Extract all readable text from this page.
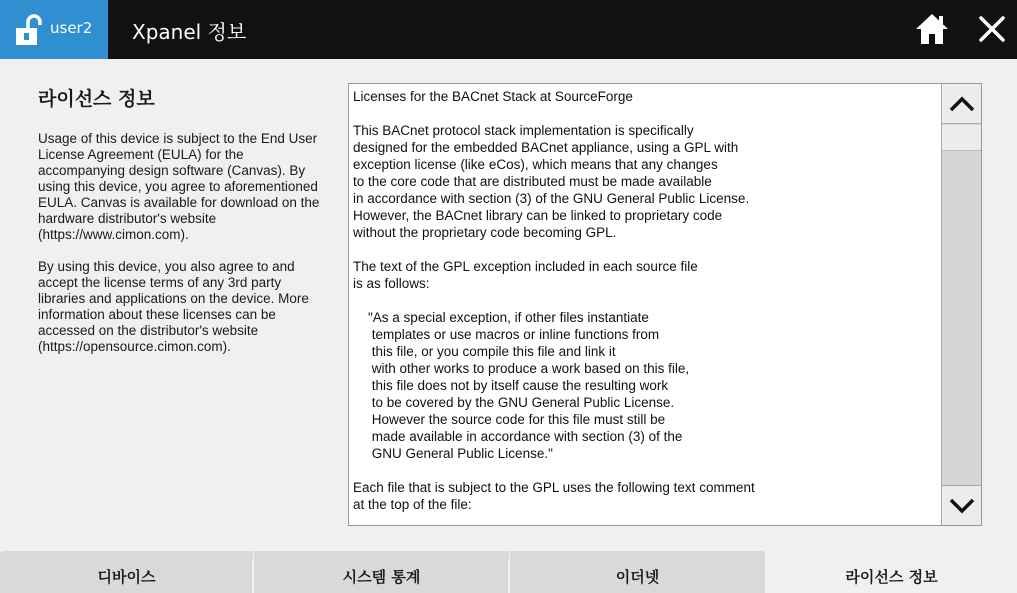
user2 Xpanel 정보
라이선스 정보

Usage of this device is subject to the End User License Agreement (EULA) for the accompanying design software (Canvas). By using this device, you agree to aforementioned EULA. Canvas is available for download on the hardware distributor's website (https://www.cimon.com).

By using this device, you also agree to and accept the license terms of any 3rd party libraries and applications on the device. More information about these licenses can be accessed on the distributor's website (https://opensource.cimon.com).

Licenses for the BACnet Stack at SourceForge

This BACnet protocol stack implementation is specifically
designed for the embedded BACnet appliance, using a GPL with
exception license (like eCos), which means that any changes
to the core code that are distributed must be made available
in accordance with section (3) of the GNU General Public License.
However, the BACnet library can be linked to proprietary code
without the proprietary code becoming GPL.

The text of the GPL exception included in each source file
is as follows:

"As a special exception, if other files instantiate
templates or use macros or inline functions from
this file, or you compile this file and link it
with other works to produce a work based on this file,
this file does not by itself cause the resulting work
to be covered by the GNU General Public License.
However the source code for this file must still be
made available in accordance with section (3) of the
GNU General Public License."

Each file that is subject to the GPL uses the following text comment
at the top of the file:
디바이스	시스템 통계	이더넷	라이선스 정보
